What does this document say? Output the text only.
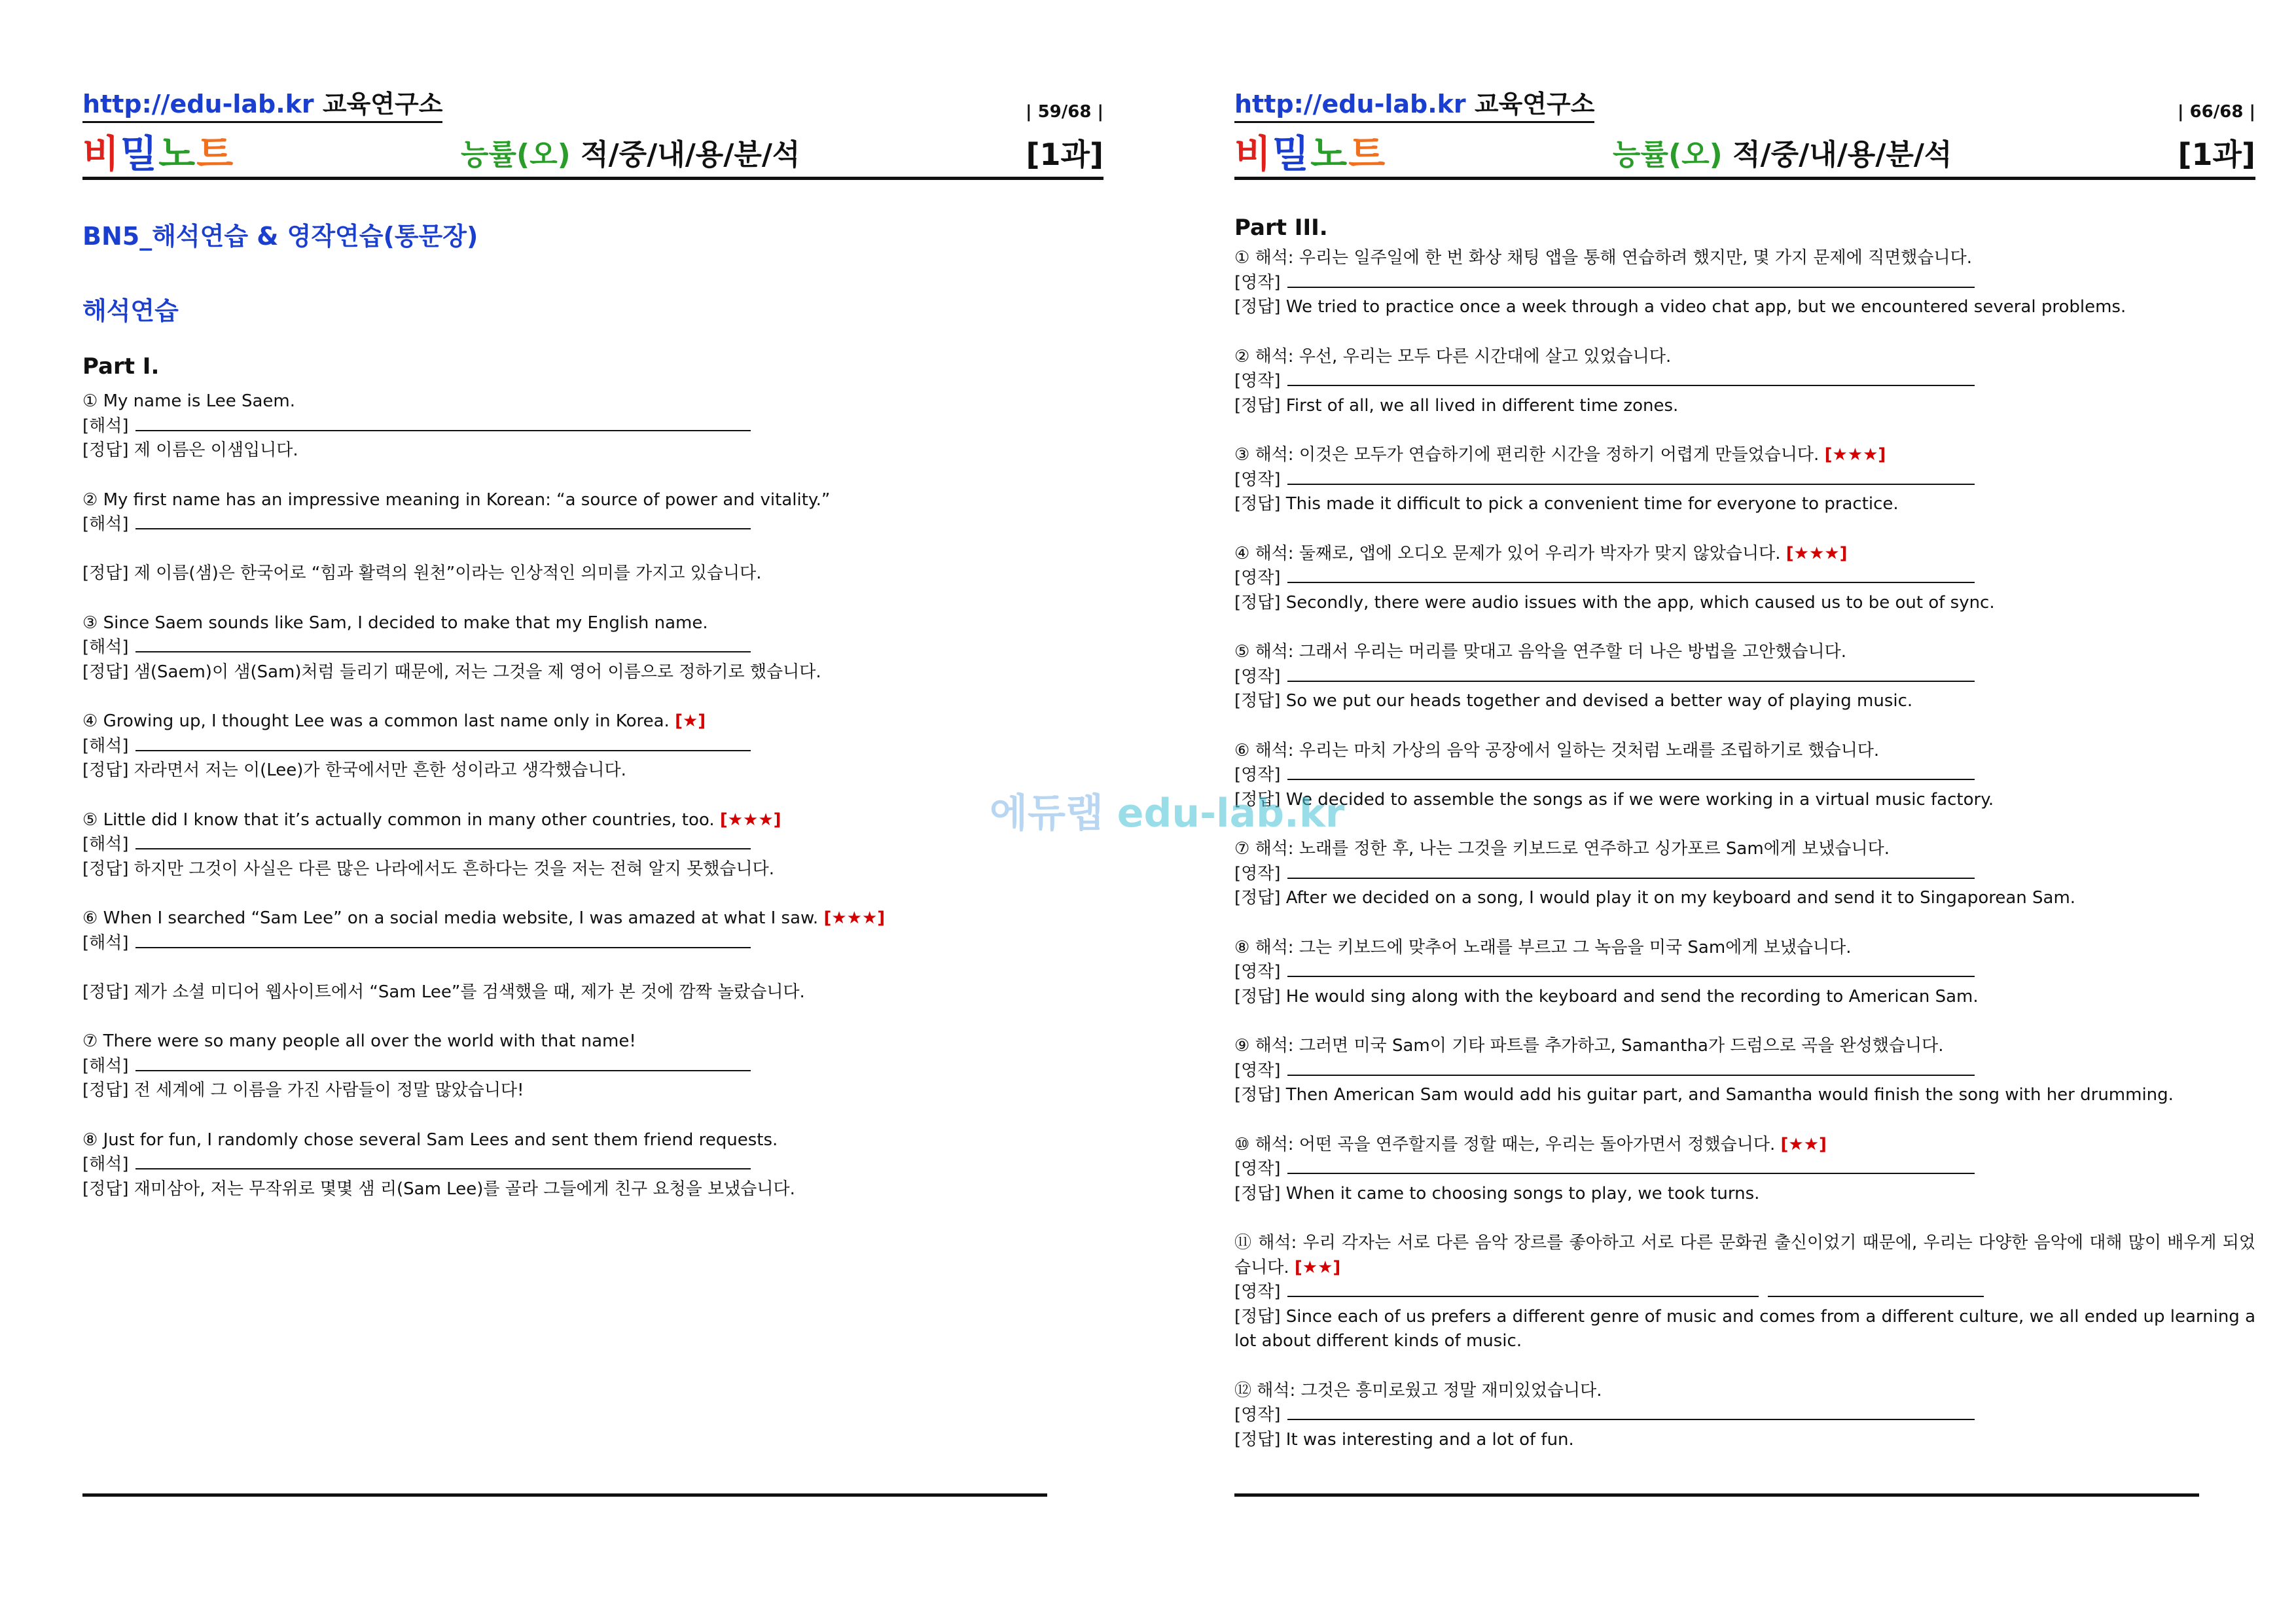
http://edu-lab.kr 교육연구소	| 59/68 |
비밀노트	능률(오) 적/중/내/용/분/석	[1과]
BN5_해석연습 & 영작연습(통문장)
해석연습
Part I.
① My name is Lee Saem.
[해석]
[정답] 제 이름은 이샘입니다.
② My first name has an impressive meaning in Korean: “a source of power and vitality.”
[해석]

[정답] 제 이름(샘)은 한국어로 “힘과 활력의 원천”이라는 인상적인 의미를 가지고 있습니다.
③ Since Saem sounds like Sam, I decided to make that my English name.
[해석]
[정답] 샘(Saem)이 샘(Sam)처럼 들리기 때문에, 저는 그것을 제 영어 이름으로 정하기로 했습니다.
④ Growing up, I thought Lee was a common last name only in Korea. [★]
[해석]
[정답] 자라면서 저는 이(Lee)가 한국에서만 흔한 성이라고 생각했습니다.
⑤ Little did I know that it’s actually common in many other countries, too. [★★★]
[해석]
[정답] 하지만 그것이 사실은 다른 많은 나라에서도 흔하다는 것을 저는 전혀 알지 못했습니다.
⑥ When I searched “Sam Lee” on a social media website, I was amazed at what I saw. [★★★]
[해석]

[정답] 제가 소셜 미디어 웹사이트에서 “Sam Lee”를 검색했을 때, 제가 본 것에 깜짝 놀랐습니다.
⑦ There were so many people all over the world with that name!
[해석]
[정답] 전 세계에 그 이름을 가진 사람들이 정말 많았습니다!
⑧ Just for fun, I randomly chose several Sam Lees and sent them friend requests.
[해석]
[정답] 재미삼아, 저는 무작위로 몇몇 샘 리(Sam Lee)를 골라 그들에게 친구 요청을 보냈습니다.
http://edu-lab.kr 교육연구소	| 66/68 |
비밀노트	능률(오) 적/중/내/용/분/석	[1과]
Part III.
① 해석: 우리는 일주일에 한 번 화상 채팅 앱을 통해 연습하려 했지만, 몇 가지 문제에 직면했습니다.
[영작]
[정답] We tried to practice once a week through a video chat app, but we encountered several problems.
② 해석: 우선, 우리는 모두 다른 시간대에 살고 있었습니다.
[영작]
[정답] First of all, we all lived in different time zones.
③ 해석: 이것은 모두가 연습하기에 편리한 시간을 정하기 어렵게 만들었습니다. [★★★]
[영작]
[정답] This made it difficult to pick a convenient time for everyone to practice.
④ 해석: 둘째로, 앱에 오디오 문제가 있어 우리가 박자가 맞지 않았습니다. [★★★]
[영작]
[정답] Secondly, there were audio issues with the app, which caused us to be out of sync.
⑤ 해석: 그래서 우리는 머리를 맞대고 음악을 연주할 더 나은 방법을 고안했습니다.
[영작]
[정답] So we put our heads together and devised a better way of playing music.
⑥ 해석: 우리는 마치 가상의 음악 공장에서 일하는 것처럼 노래를 조립하기로 했습니다.
[영작]
[정답] We decided to assemble the songs as if we were working in a virtual music factory.
⑦ 해석: 노래를 정한 후, 나는 그것을 키보드로 연주하고 싱가포르 Sam에게 보냈습니다.
[영작]
[정답] After we decided on a song, I would play it on my keyboard and send it to Singaporean Sam.
⑧ 해석: 그는 키보드에 맞추어 노래를 부르고 그 녹음을 미국 Sam에게 보냈습니다.
[영작]
[정답] He would sing along with the keyboard and send the recording to American Sam.
⑨ 해석: 그러면 미국 Sam이 기타 파트를 추가하고, Samantha가 드럼으로 곡을 완성했습니다.
[영작]
[정답] Then American Sam would add his guitar part, and Samantha would finish the song with her drumming.
⑩ 해석: 어떤 곡을 연주할지를 정할 때는, 우리는 돌아가면서 정했습니다. [★★]
[영작]
[정답] When it came to choosing songs to play, we took turns.
⑪ 해석: 우리 각자는 서로 다른 음악 장르를 좋아하고 서로 다른 문화권 출신이었기 때문에, 우리는 다양한 음악에 대해 많이 배우게 되었습니다. [★★]
[영작]
[정답] Since each of us prefers a different genre of music and comes from a different culture, we all ended up learning a lot about different kinds of music.
⑫ 해석: 그것은 흥미로웠고 정말 재미있었습니다.
[영작]
[정답] It was interesting and a lot of fun.
에듀랩 edu-lab.kr
